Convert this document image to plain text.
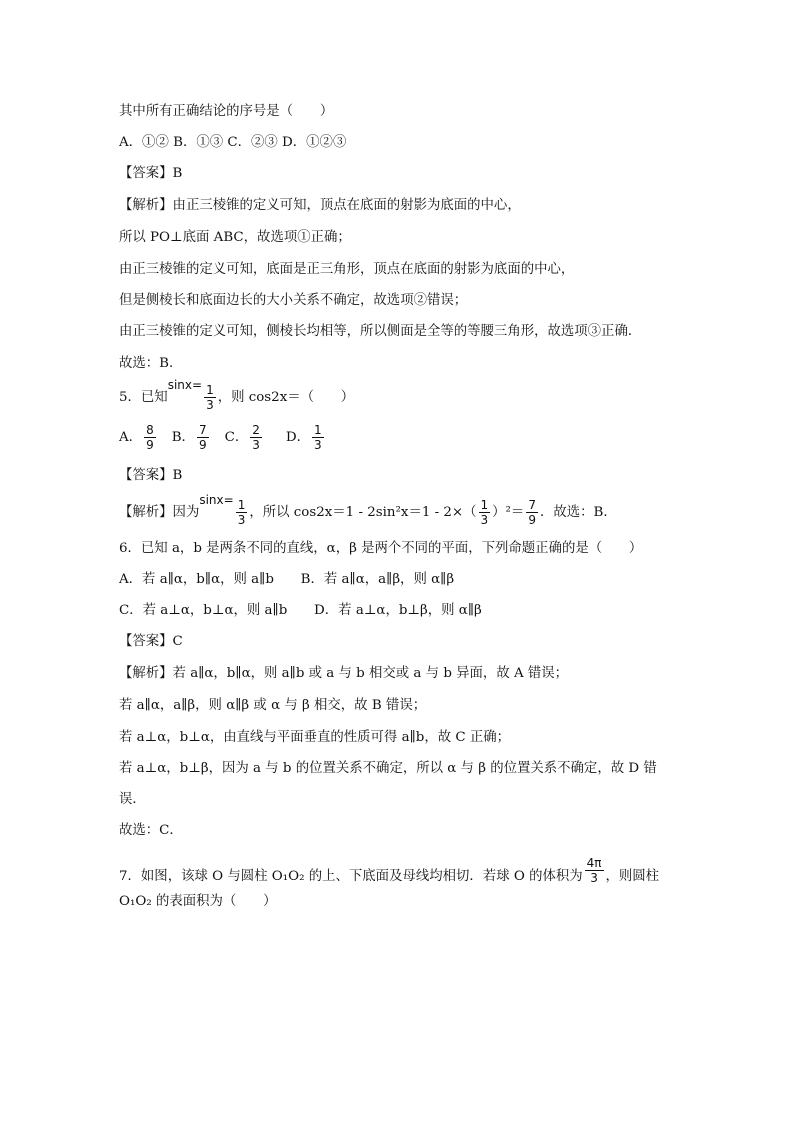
其中所有正确结论的序号是（　　）
A．①② B．①③ C．②③ D．①②③
【答案】B
【解析】由正三棱锥的定义可知，顶点在底面的射影为底面的中心，
所以 PO⊥底面 ABC，故选项①正确；
由正三棱锥的定义可知，底面是正三角形，顶点在底面的射影为底面的中心，
但是侧棱长和底面边长的大小关系不确定，故选项②错误；
由正三棱锥的定义可知，侧棱长均相等，所以侧面是全等的等腰三角形，故选项③正确．
故选：B．
5．已知$\sin x= \frac{1}{3}$ ，则 cos2x＝（　　）
A． $\frac{8}{9}$ B． $\frac{7}{9}$ C． $\frac{2}{3}$ D． $\frac{1}{3}$
【答案】B
【解析】因为$\sin x= \frac{1}{3}$ ，所以 $\cos 2x=1 - 2\sin^2x=1 - 2\times( \frac{1}{3} )^2= \frac{7}{9}$ ．故选：B．
6．已知 a，b 是两条不同的直线，α，β 是两个不同的平面，下列命题正确的是（　　）
A．若 a∥α，b∥α，则 a∥b　　B．若 a∥α，a∥β，则 α∥β
C．若 a⊥α，b⊥α，则 a∥b　　D．若 a⊥α，b⊥β，则 α∥β
【答案】C
【解析】若 a∥α，b∥α，则 a∥b 或 a 与 b 相交或 a 与 b 异面，故 A 错误；
若 a∥α，a∥β，则 α∥β 或 α 与 β 相交，故 B 错误；
若 a⊥α，b⊥α，由直线与平面垂直的性质可得 a∥b，故 C 正确；
若 a⊥α，b⊥β，因为 a 与 b 的位置关系不确定，所以 α 与 β 的位置关系不确定，故 D 错
误．
故选：C．
7．如图，该球 O 与圆柱 O₁O₂ 的上、下底面及母线均相切．若球 O 的体积为 $\frac{4\pi}{3}$ ，则圆柱
O₁O₂ 的表面积为（　　）
